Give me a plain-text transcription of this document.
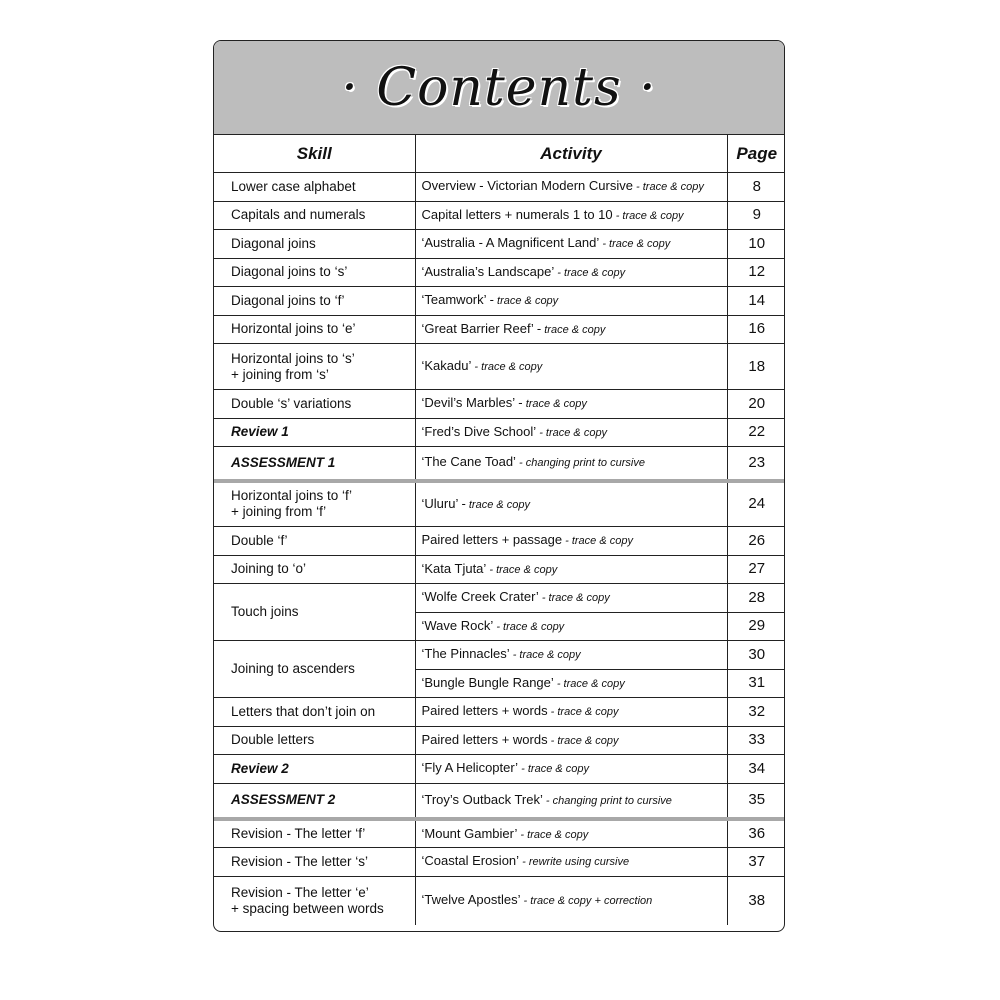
· Contents ·
Skill	Activity	Page
Lower case alphabet	Overview - Victorian Modern Cursive - trace & copy	8
Capitals and numerals	Capital letters + numerals 1 to 10 - trace & copy	9
Diagonal joins	‘Australia - A Magnificent Land’ - trace & copy	10
Diagonal joins to ‘s’	‘Australia’s Landscape’ - trace & copy	12
Diagonal joins to ‘f’	‘Teamwork’ - trace & copy	14
Horizontal joins to ‘e’	‘Great Barrier Reef’ - trace & copy	16

Horizontal joins to ‘s’
+ joining from ‘s’	‘Kakadu’ - trace & copy	18
Double ‘s’ variations	‘Devil’s Marbles’ - trace & copy	20
Review 1	‘Fred’s Dive School’ - trace & copy	22
ASSESSMENT 1	‘The Cane Toad’ - changing print to cursive	23

Horizontal joins to ‘f’
+ joining from ‘f’	‘Uluru’ - trace & copy	24
Double ‘f’	Paired letters + passage - trace & copy	26
Joining to ‘o’	‘Kata Tjuta’ - trace & copy	27
Touch joins	‘Wolfe Creek Crater’ - trace & copy	28
	‘Wave Rock’ - trace & copy	29
Joining to ascenders	‘The Pinnacles’ - trace & copy	30
	‘Bungle Bungle Range’ - trace & copy	31
Letters that don’t join on	Paired letters + words - trace & copy	32
Double letters	Paired letters + words - trace & copy	33
Review 2	‘Fly A Helicopter’ - trace & copy	34
ASSESSMENT 2	‘Troy’s Outback Trek’ - changing print to cursive	35
Revision - The letter ‘f’	‘Mount Gambier’ - trace & copy	36
Revision - The letter ‘s’	‘Coastal Erosion’ - rewrite using cursive	37

Revision - The letter ‘e’
+ spacing between words	‘Twelve Apostles’ - trace & copy + correction	38
